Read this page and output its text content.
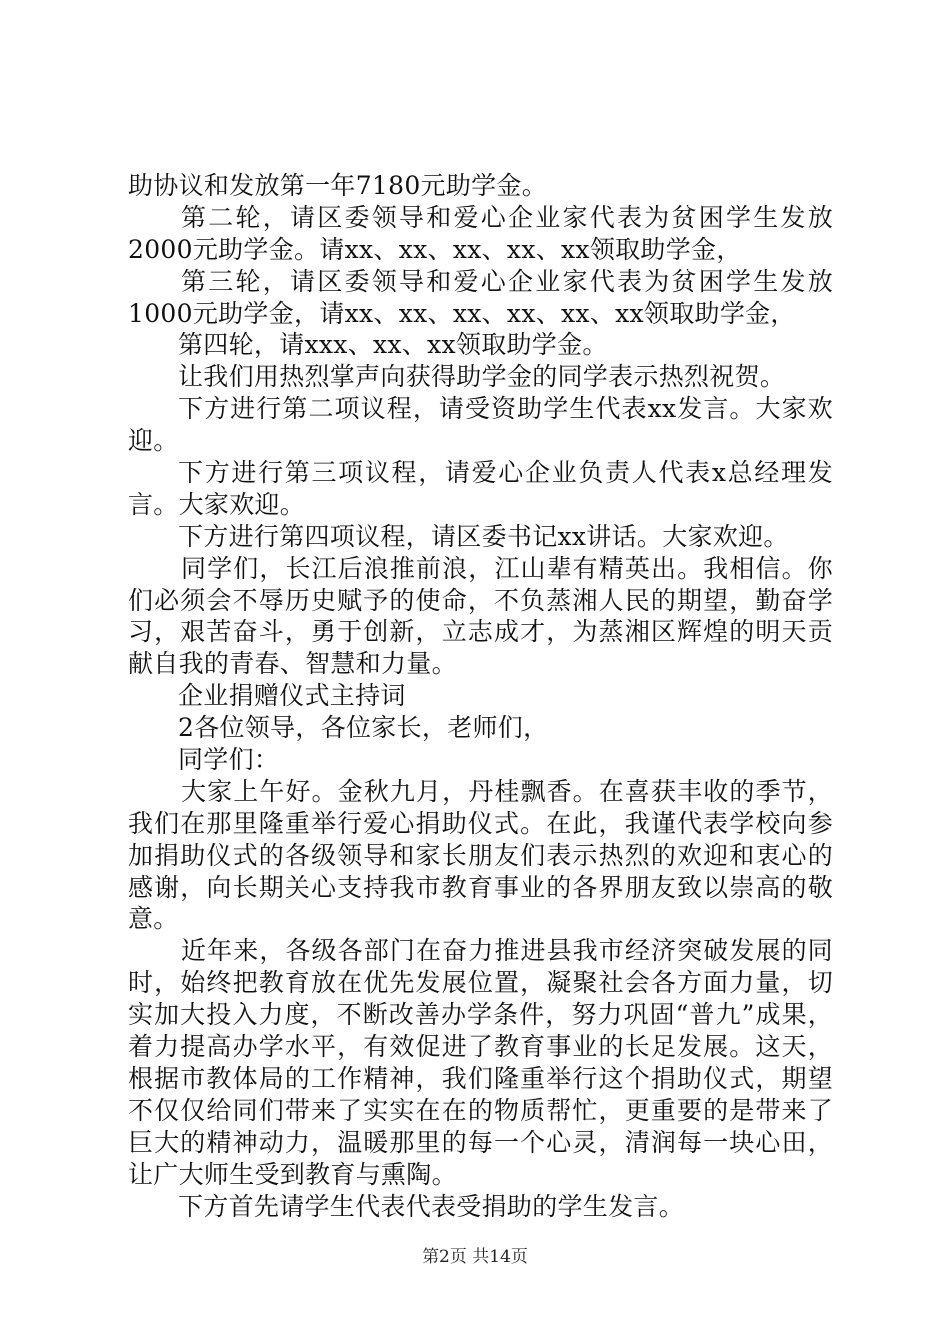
助协议和发放第一年7180元助学金。
第二轮，请区委领导和爱心企业家代表为贫困学生发放
2000元助学金。请xx、xx、xx、xx、xx领取助学金，
第三轮，请区委领导和爱心企业家代表为贫困学生发放
1000元助学金，请xx、xx、xx、xx、xx、xx领取助学金，
第四轮，请xxx、xx、xx领取助学金。
让我们用热烈掌声向获得助学金的同学表示热烈祝贺。
下方进行第二项议程，请受资助学生代表xx发言。大家欢
迎。
下方进行第三项议程，请爱心企业负责人代表x总经理发
言。大家欢迎。
下方进行第四项议程，请区委书记xx讲话。大家欢迎。
同学们，长江后浪推前浪，江山辈有精英出。我相信。你
们必须会不辱历史赋予的使命，不负蒸湘人民的期望，勤奋学
习，艰苦奋斗，勇于创新，立志成才，为蒸湘区辉煌的明天贡
献自我的青春、智慧和力量。
企业捐赠仪式主持词
2各位领导，各位家长，老师们，
同学们：
大家上午好。金秋九月，丹桂飘香。在喜获丰收的季节，
我们在那里隆重举行爱心捐助仪式。在此，我谨代表学校向参
加捐助仪式的各级领导和家长朋友们表示热烈的欢迎和衷心的
感谢，向长期关心支持我市教育事业的各界朋友致以崇高的敬
意。
近年来，各级各部门在奋力推进县我市经济突破发展的同
时，始终把教育放在优先发展位置，凝聚社会各方面力量，切
实加大投入力度，不断改善办学条件，努力巩固“普九”成果，
着力提高办学水平，有效促进了教育事业的长足发展。这天，
根据市教体局的工作精神，我们隆重举行这个捐助仪式，期望
不仅仅给同们带来了实实在在的物质帮忙，更重要的是带来了
巨大的精神动力，温暖那里的每一个心灵，清润每一块心田，
让广大师生受到教育与熏陶。
下方首先请学生代表代表受捐助的学生发言。
第2页 共14页
